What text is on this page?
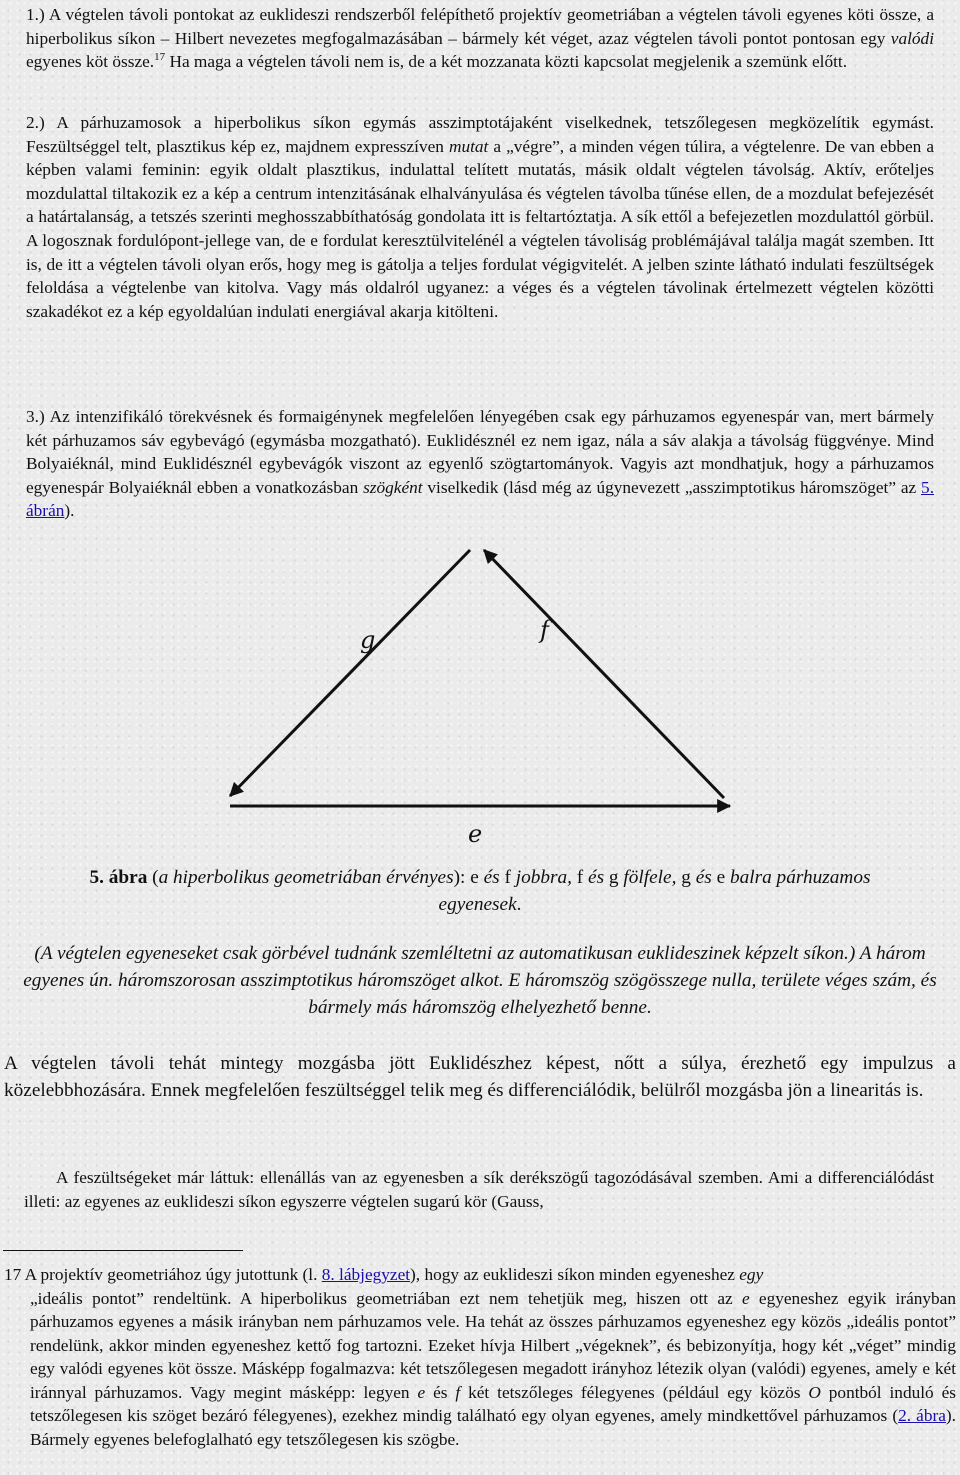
1.) A végtelen távoli pontokat az euklideszi rendszerből felépíthető projektív geometriában a végtelen távoli egyenes köti össze, a hiperbolikus síkon – Hilbert nevezetes megfogalmazásában – bármely két véget, azaz végtelen távoli pontot pontosan egy valódi egyenes köt össze.$^{17}$ Ha maga a végtelen távoli nem is, de a két mozzanata közti kapcsolat megjelenik a szemünk előtt.

2.) A párhuzamosok a hiperbolikus síkon egymás asszimptotájaként viselkednek, tetszőlegesen megközelítik egymást. Feszültséggel telt, plasztikus kép ez, majdnem expresszíven mutat a „végre”, a minden végen túlira, a végtelenre. De van ebben a képben valami feminin: egyik oldalt plasztikus, indulattal telített mutatás, másik oldalt végtelen távolság. Aktív, erőteljes mozdulattal tiltakozik ez a kép a centrum intenzitásának elhalványulása és végtelen távolba tűnése ellen, de a mozdulat befejezését a határtalanság, a tetszés szerinti meghosszabbíthatóság gondolata itt is feltartóztatja. A sík ettől a befejezetlen mozdulattól görbül. A logosznak fordulópont-jellege van, de e fordulat keresztülvitelénél a végtelen távoliság problémájával találja magát szemben. Itt is, de itt a végtelen távoli olyan erős, hogy meg is gátolja a teljes fordulat végigvitelét. A jelben szinte látható indulati feszültségek feloldása a végtelenbe van kitolva. Vagy más oldalról ugyanez: a véges és a végtelen távolinak értelmezett végtelen közötti szakadékot ez a kép egyoldalúan indulati energiával akarja kitölteni.

3.) Az intenzifikáló törekvésnek és formaigénynek megfelelően lényegében csak egy párhuzamos egyenespár van, mert bármely két párhuzamos sáv egybevágó (egymásba mozgatható). Euklidésznél ez nem igaz, nála a sáv alakja a távolság függvénye. Mind Bolyaiéknál, mind Euklidésznél egybevágók viszont az egyenlő szögtartományok. Vagyis azt mondhatjuk, hogy a párhuzamos egyenespár Bolyaiéknál ebben a vonatkozásban szögként viselkedik (lásd még az úgynevezett „asszimptotikus háromszöget” az 5. ábrán).

g	f
e

5. ábra (a hiperbolikus geometriában érvényes): e és f jobbra, f és g fölfele, g és e balra párhuzamos
egyenesek.

(A végtelen egyeneseket csak görbével tudnánk szemléltetni az automatikusan euklideszinek képzelt síkon.) A három egyenes ún. háromszorosan asszimptotikus háromszöget alkot. E háromszög szögösszege nulla, területe véges szám, és bármely más háromszög elhelyezhető benne.

A végtelen távoli tehát mintegy mozgásba jött Euklidészhez képest, nőtt a súlya, érezhető egy impulzus a közelebbhozására. Ennek megfelelően feszültséggel telik meg és differenciálódik, belülről mozgásba jön a linearitás is.

A feszültségeket már láttuk: ellenállás van az egyenesben a sík derékszögű tagozódásával szemben. Ami a differenciálódást illeti: az egyenes az euklideszi síkon egyszerre végtelen sugarú kör (Gauss,

17 A projektív geometriához úgy jutottunk (l. 8. lábjegyzet), hogy az euklideszi síkon minden egyeneshez egy
„ideális pontot” rendeltünk. A hiperbolikus geometriában ezt nem tehetjük meg, hiszen ott az e egyeneshez egyik irányban párhuzamos egyenes a másik irányban nem párhuzamos vele. Ha tehát az összes párhuzamos egyeneshez egy közös „ideális pontot” rendelünk, akkor minden egyeneshez kettő fog tartozni. Ezeket hívja Hilbert „végeknek”, és bebizonyítja, hogy két „véget” mindig egy valódi egyenes köt össze. Másképp fogalmazva: két tetszőlegesen megadott irányhoz létezik olyan (valódi) egyenes, amely e két iránnyal párhuzamos. Vagy megint másképp: legyen e és f két tetszőleges félegyenes (például egy közös O pontból induló és tetszőlegesen kis szöget bezáró félegyenes), ezekhez mindig található egy olyan egyenes, amely mindkettővel párhuzamos (2. ábra). Bármely egyenes belefoglalható egy tetszőlegesen kis szögbe.
